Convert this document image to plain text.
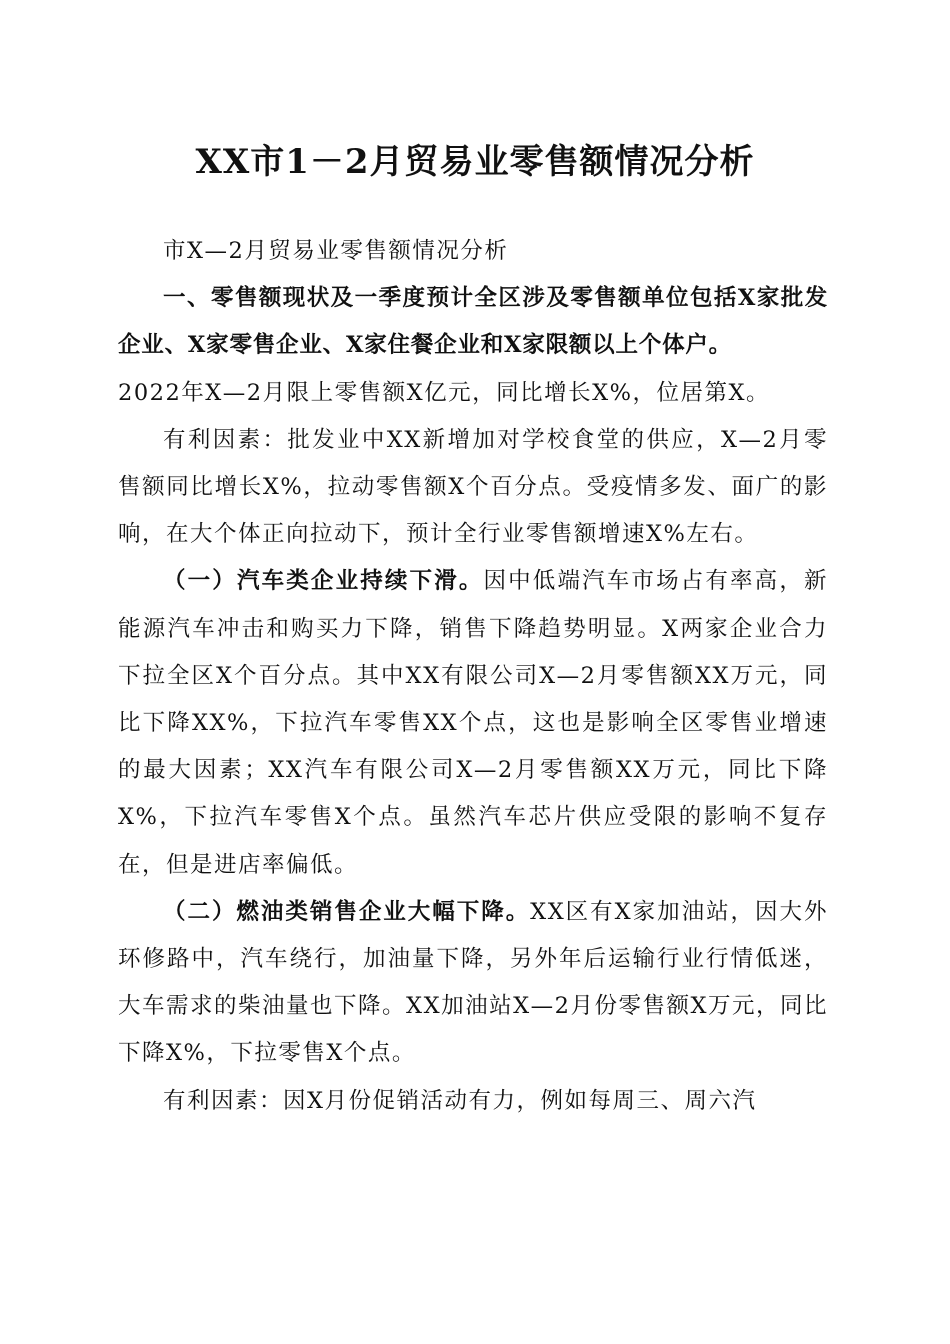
XX市1－2月贸易业零售额情况分析

市X—2月贸易业零售额情况分析

一、零售额现状及一季度预计全区涉及零售额单位包括X家批发企业、X家零售企业、X家住餐企业和X家限额以上个体户。

2022年X—2月限上零售额X亿元，同比增长X%，位居第X。

有利因素：批发业中XX新增加对学校食堂的供应，X—2月零售额同比增长X%，拉动零售额X个百分点。受疫情多发、面广的影响，在大个体正向拉动下，预计全行业零售额增速X%左右。

（一）汽车类企业持续下滑。因中低端汽车市场占有率高，新能源汽车冲击和购买力下降，销售下降趋势明显。X两家企业合力下拉全区X个百分点。其中XX有限公司X—2月零售额XX万元，同比下降XX%，下拉汽车零售XX个点，这也是影响全区零售业增速的最大因素；XX汽车有限公司X—2月零售额XX万元，同比下降X%，下拉汽车零售X个点。虽然汽车芯片供应受限的影响不复存在，但是进店率偏低。

（二）燃油类销售企业大幅下降。XX区有X家加油站，因大外环修路中，汽车绕行，加油量下降，另外年后运输行业行情低迷，大车需求的柴油量也下降。XX加油站X—2月份零售额X万元，同比下降X%，下拉零售X个点。

有利因素：因X月份促销活动有力，例如每周三、周六汽
